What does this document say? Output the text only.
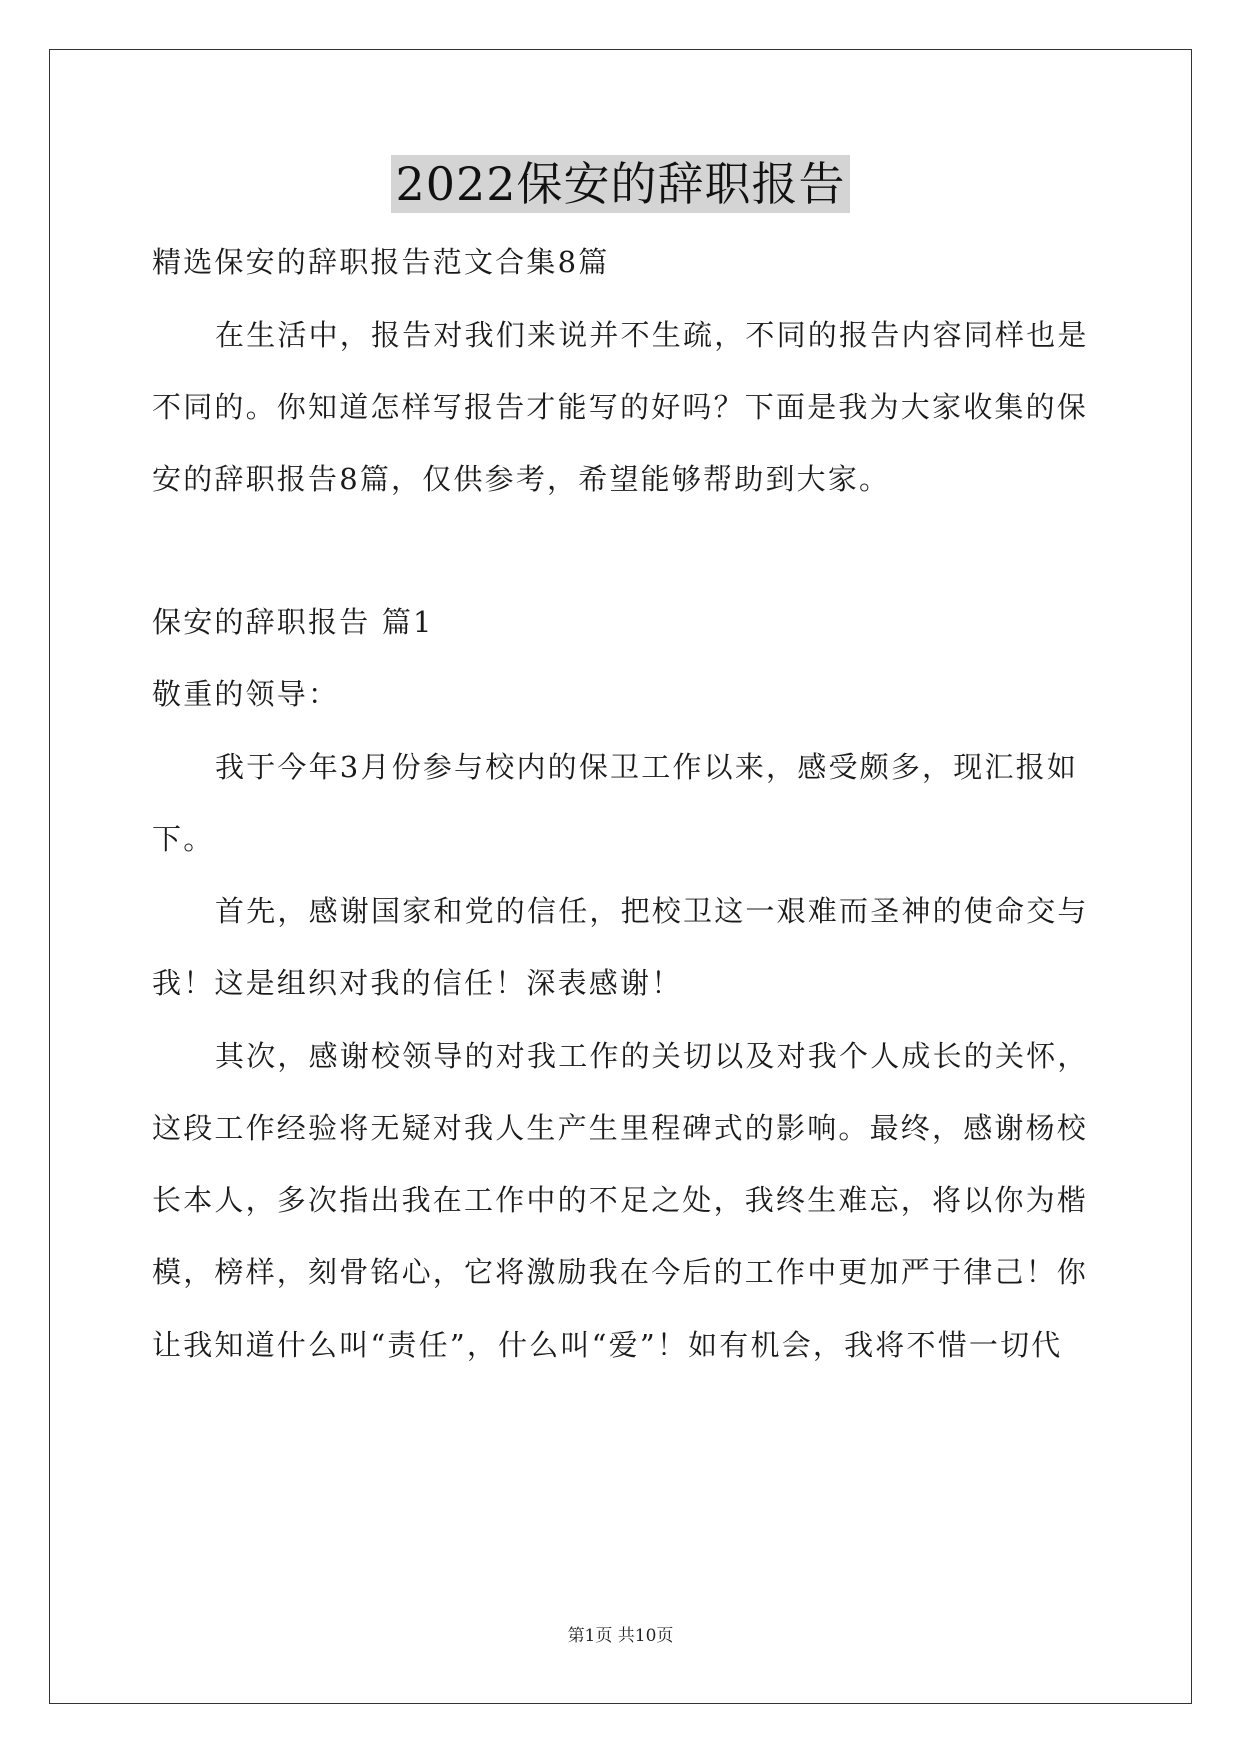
2022保安的辞职报告
精选保安的辞职报告范文合集8篇
在生活中，报告对我们来说并不生疏，不同的报告内容同样也是
不同的。你知道怎样写报告才能写的好吗？下面是我为大家收集的保
安的辞职报告8篇，仅供参考，希望能够帮助到大家。
保安的辞职报告 篇1
敬重的领导：
我于今年3月份参与校内的保卫工作以来，感受颇多，现汇报如
下。
首先，感谢国家和党的信任，把校卫这一艰难而圣神的使命交与
我！这是组织对我的信任！深表感谢！
其次，感谢校领导的对我工作的关切以及对我个人成长的关怀，
这段工作经验将无疑对我人生产生里程碑式的影响。最终，感谢杨校
长本人，多次指出我在工作中的不足之处，我终生难忘，将以你为楷
模，榜样，刻骨铭心，它将激励我在今后的工作中更加严于律己！你
让我知道什么叫“责任”，什么叫“爱”！如有机会，我将不惜一切代
第1页 共10页
